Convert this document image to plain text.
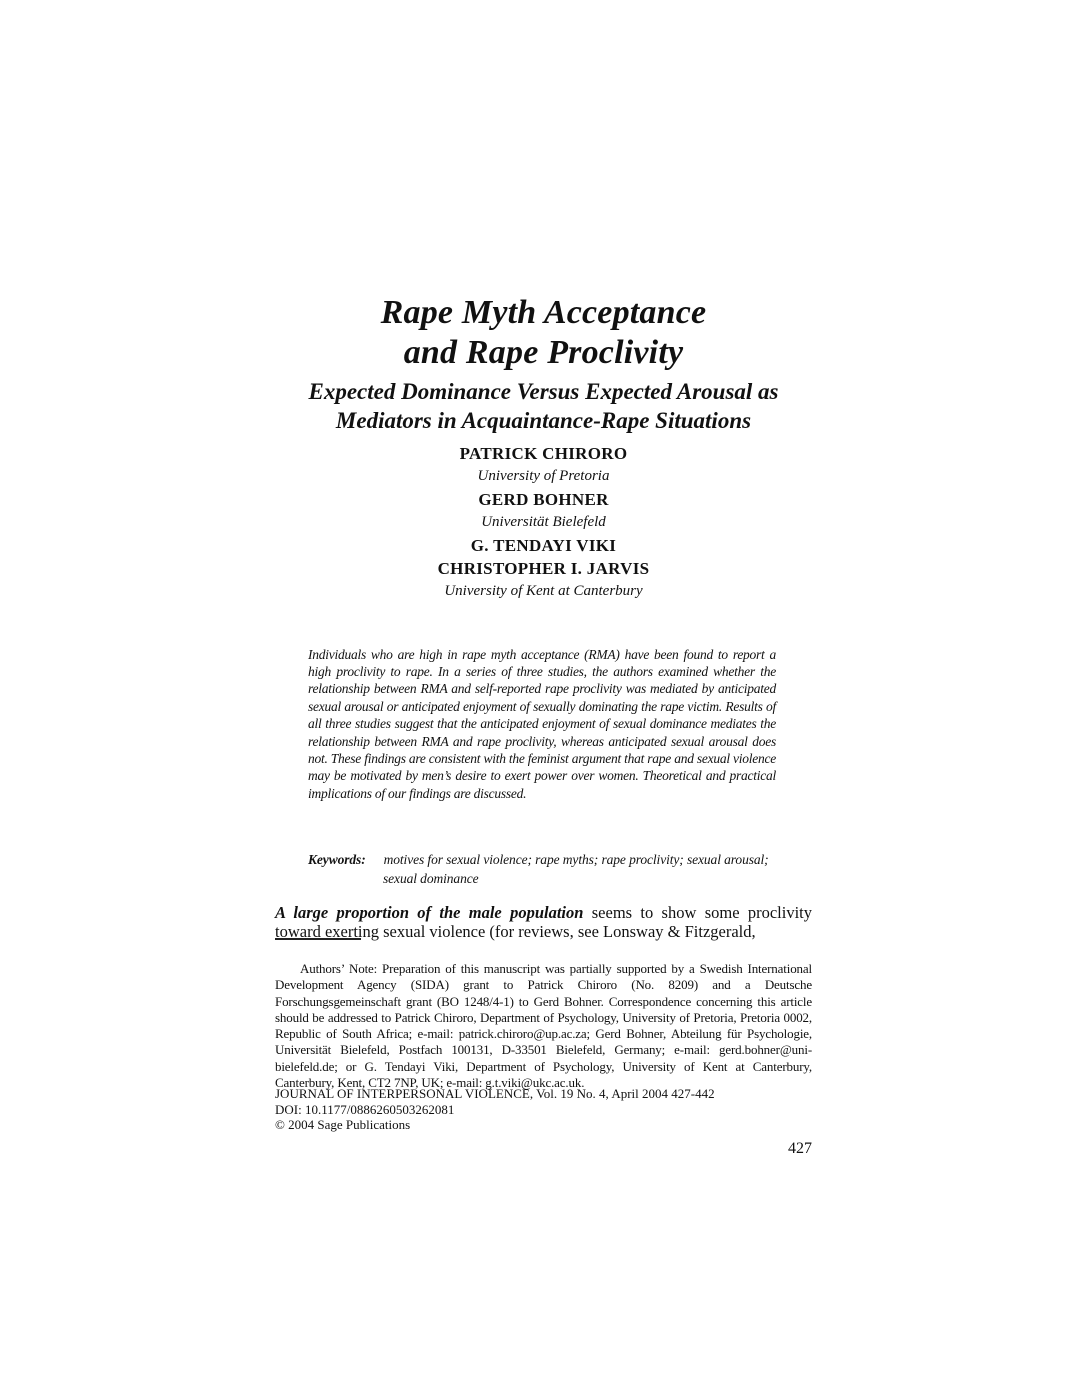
Rape Myth Acceptance
and Rape Proclivity
Expected Dominance Versus Expected Arousal as
Mediators in Acquaintance-Rape Situations
PATRICK CHIRORO
University of Pretoria
GERD BOHNER
Universität Bielefeld
G. TENDAYI VIKI
CHRISTOPHER I. JARVIS
University of Kent at Canterbury

Individuals who are high in rape myth acceptance (RMA) have been found to report a high proclivity to rape. In a series of three studies, the authors examined whether the relationship between RMA and self-reported rape proclivity was mediated by anticipated sexual arousal or anticipated enjoyment of sexually dominating the rape victim. Results of all three studies suggest that the anticipated enjoyment of sexual dominance mediates the relationship between RMA and rape proclivity, whereas anticipated sexual arousal does not. These findings are consistent with the feminist argument that rape and sexual violence may be motivated by men’s desire to exert power over women. Theoretical and practical implications of our findings are discussed.

Keywords: motives for sexual violence; rape myths; rape proclivity; sexual arousal; sexual dominance

A large proportion of the male population seems to show some proclivity toward exerting sexual violence (for reviews, see Lonsway & Fitzgerald,

Authors’ Note: Preparation of this manuscript was partially supported by a Swedish International Development Agency (SIDA) grant to Patrick Chiroro (No. 8209) and a Deutsche Forschungsgemeinschaft grant (BO 1248/4-1) to Gerd Bohner. Correspondence concerning this article should be addressed to Patrick Chiroro, Department of Psychology, University of Pretoria, Pretoria 0002, Republic of South Africa; e-mail: patrick.chiroro@up.ac.za; Gerd Bohner, Abteilung für Psychologie, Universität Bielefeld, Postfach 100131, D-33501 Bielefeld, Germany; e-mail: gerd.bohner@uni-bielefeld.de; or G. Tendayi Viki, Department of Psychology, University of Kent at Canterbury, Canterbury, Kent, CT2 7NP, UK; e-mail: g.t.viki@ukc.ac.uk.

JOURNAL OF INTERPERSONAL VIOLENCE, Vol. 19 No. 4, April 2004 427-442
DOI: 10.1177/0886260503262081
© 2004 Sage Publications
427
